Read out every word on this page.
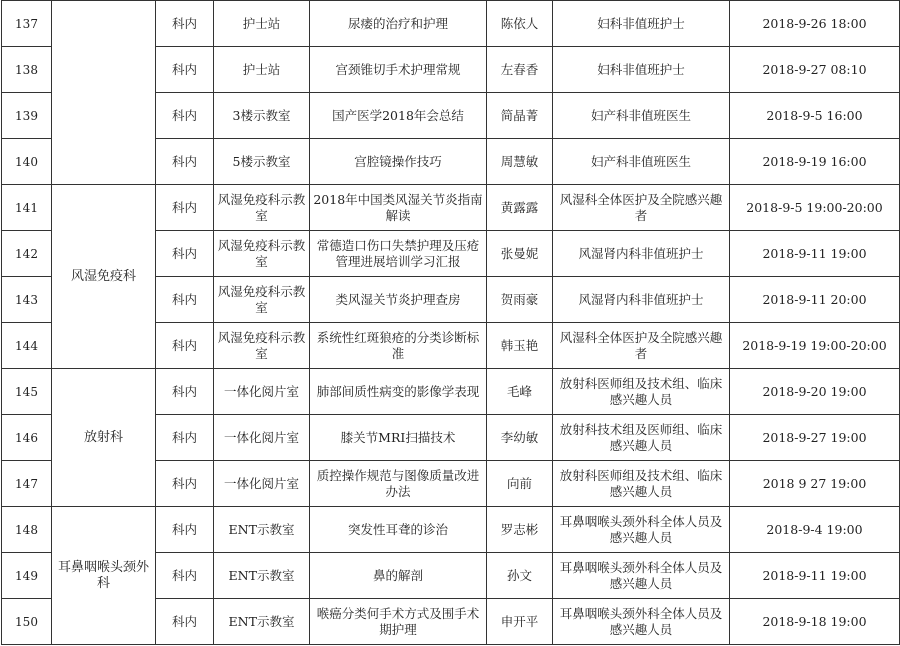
137		科内	护士站	尿瘘的治疗和护理	陈依人	妇科非值班护士	2018-9-26 18:00
138		科内	护士站	宫颈锥切手术护理常规	左春香	妇科非值班护士	2018-9-27 08:10
139		科内	3楼示教室	国产医学2018年会总结	简晶菁	妇产科非值班医生	2018-9-5 16:00
140		科内	5楼示教室	宫腔镜操作技巧	周慧敏	妇产科非值班医生	2018-9-19 16:00
141	风湿免疫科	科内	风湿免疫科示教室	2018年中国类风湿关节炎指南解读	黄露露	风湿科全体医护及全院感兴趣者	2018-9-5 19:00-20:00
142		科内	风湿免疫科示教室	常德造口伤口失禁护理及压疮管理进展培训学习汇报	张曼妮	风湿肾内科非值班护士	2018-9-11 19:00
143		科内	风湿免疫科示教室	类风湿关节炎护理查房	贺雨豪	风湿肾内科非值班护士	2018-9-11 20:00
144		科内	风湿免疫科示教室	系统性红斑狼疮的分类诊断标准	韩玉艳	风湿科全体医护及全院感兴趣者	2018-9-19 19:00-20:00
145	放射科	科内	一体化阅片室	肺部间质性病变的影像学表现	毛峰	放射科医师组及技术组、临床感兴趣人员	2018-9-20 19:00
146		科内	一体化阅片室	膝关节MRI扫描技术	李幼敏	放射科技术组及医师组、临床感兴趣人员	2018-9-27 19:00
147		科内	一体化阅片室	质控操作规范与图像质量改进办法	向前	放射科医师组及技术组、临床感兴趣人员	2018 9 27 19:00
148	耳鼻咽喉头颈外科	科内	ENT示教室	突发性耳聋的诊治	罗志彬	耳鼻咽喉头颈外科全体人员及感兴趣人员	2018-9-4 19:00
149		科内	ENT示教室	鼻的解剖	孙文	耳鼻咽喉头颈外科全体人员及感兴趣人员	2018-9-11 19:00
150		科内	ENT示教室	喉癌分类何手术方式及围手术期护理	申开平	耳鼻咽喉头颈外科全体人员及感兴趣人员	2018-9-18 19:00
